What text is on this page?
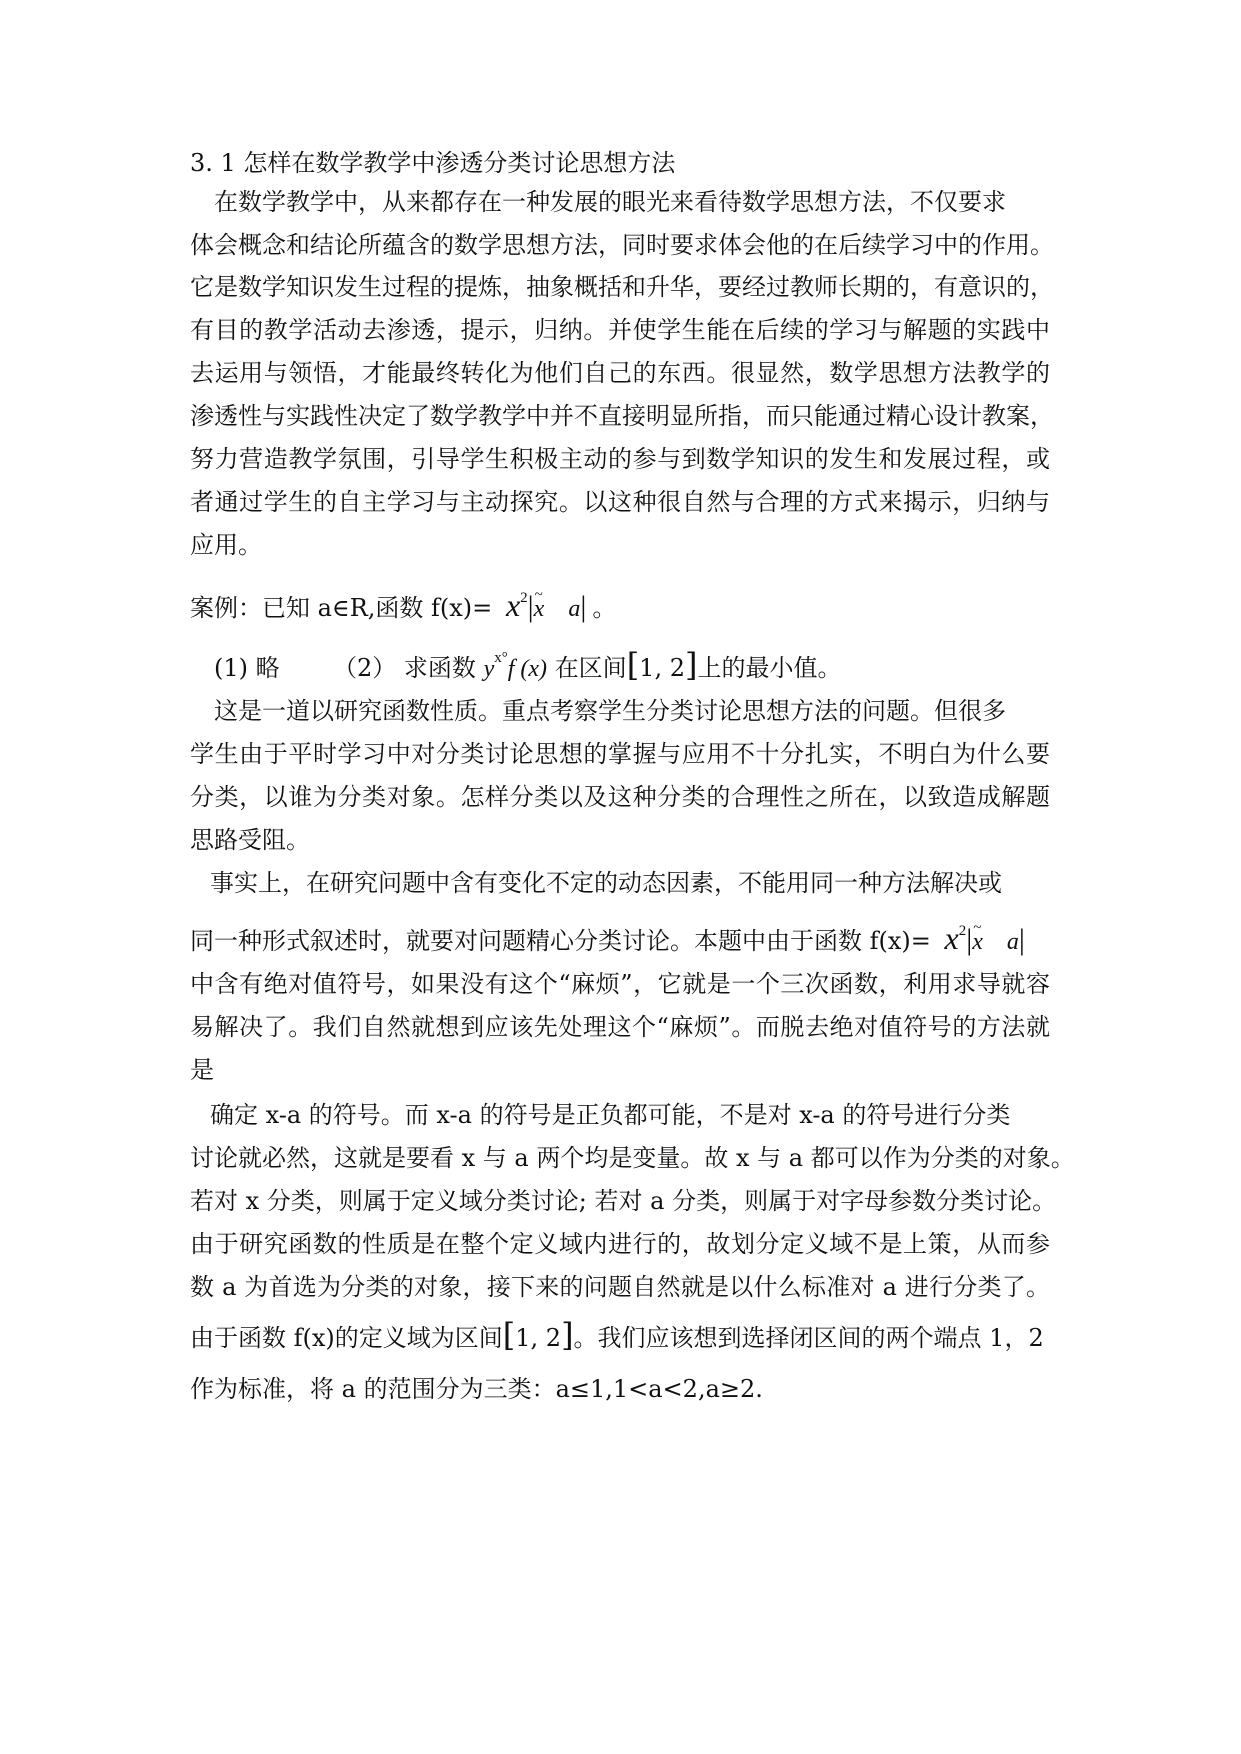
3. 1 怎样在数学教学中渗透分类讨论思想方法
在数学教学中，从来都存在一种发展的眼光来看待数学思想方法，不仅要求
体会概念和结论所蕴含的数学思想方法，同时要求体会他的在后续学习中的作用。
它是数学知识发生过程的提炼，抽象概括和升华，要经过教师长期的，有意识的，
有目的教学活动去渗透，提示，归纳。并使学生能在后续的学习与解题的实践中
去运用与领悟，才能最终转化为他们自己的东西。很显然，数学思想方法教学的
渗透性与实践性决定了数学教学中并不直接明显所指，而只能通过精心设计教案，
努力营造教学氛围，引导学生积极主动的参与到数学知识的发生和发展过程，或
者通过学生的自主学习与主动探究。以这种很自然与合理的方式来揭示，归纳与
应用。
案例：已知 a∈R,函数 $f(x)= x^2|\sim$ x a| 。
(1) 略 （2） 求函数 $y^{x^\circ}f$ (x) 在区间[1, 2]上的最小值。
这是一道以研究函数性质。重点考察学生分类讨论思想方法的问题。但很多
学生由于平时学习中对分类讨论思想的掌握与应用不十分扎实，不明白为什么要
分类，以谁为分类对象。怎样分类以及这种分类的合理性之所在，以致造成解题
思路受阻。
事实上，在研究问题中含有变化不定的动态因素，不能用同一种方法解决或
同一种形式叙述时，就要对问题精心分类讨论。本题中由于函数 $f(x)= x^2|\sim$ x a|
中含有绝对值符号，如果没有这个“麻烦”，它就是一个三次函数，利用求导就容
易解决了。我们自然就想到应该先处理这个“麻烦”。而脱去绝对值符号的方法就
是
确定 x-a 的符号。而 x-a 的符号是正负都可能，不是对 x-a 的符号进行分类
讨论就必然，这就是要看 x 与 a 两个均是变量。故 x 与 a 都可以作为分类的对象。
若对 x 分类，则属于定义域分类讨论; 若对 a 分类，则属于对字母参数分类讨论。
由于研究函数的性质是在整个定义域内进行的，故划分定义域不是上策，从而参
数 a 为首选为分类的对象，接下来的问题自然就是以什么标准对 a 进行分类了。
由于函数 f(x)的定义域为区间[1, 2]。我们应该想到选择闭区间的两个端点 1，2
作为标准，将 a 的范围分为三类：a≤1,1<a<2,a≥2.
